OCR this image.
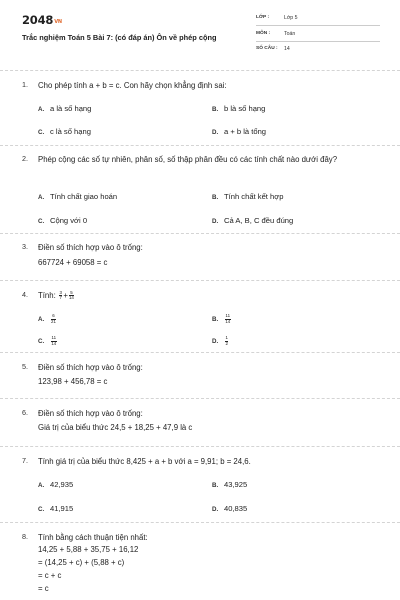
2048VN
Trắc nghiệm Toán 5 Bài 7: (có đáp án) Ôn về phép cộng
LỚP :	Lớp 5
MÔN :	Toán
SỐ CÂU : 14
1. Cho phép tính a + b = c. Con hãy chọn khẳng định sai:
A. a là số hạng	B. b là số hạng
C. c là số hạng	D. a + b là tổng
2. Phép cộng các số tự nhiên, phân số, số thập phân đều có các tính chất nào dưới đây?
A. Tính chất giao hoán	B. Tính chất kết hợp
C. Cộng với 0	D. Cả A, B, C đều đúng
3. Điền số thích hợp vào ô trống:
667724 + 69058 = c
4. Tính: $\frac{3}{7} + \frac{5}{14}$
A. $\frac{6}{21}$	B. $\frac{11}{14}$
C. $\frac{11}{14}$	D. $\frac{1}{2}$
5. Điền số thích hợp vào ô trống:
123,98 + 456,78 = c
6. Điền số thích hợp vào ô trống:
Giá trị của biểu thức 24,5 + 18,25 + 47,9 là c
7. Tính giá trị của biểu thức 8,425 + a + b với a = 9,91; b = 24,6.
A. 42,935	B. 43,925
C. 41,915	D. 40,835
8. Tính bằng cách thuận tiện nhất:
14,25 + 5,88 + 35,75 + 16,12
= (14,25 + c) + (5,88 + c)
= c + c
= c
